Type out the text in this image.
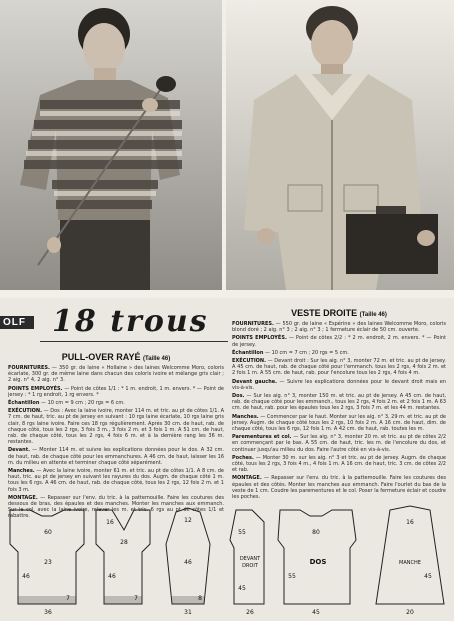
OLF 18 trous
PULL-OVER RAYÉ (Taille 46)

FOURNITURES. — 350 gr. de laine « Hollaine » des laines Welcomme Moro, coloris écarlate, 300 gr. de même laine dans chacun des coloris ivoire et mélange gris clair ; 2 aig. n° 4, 2 aig. n° 3.

POINTS EMPLOYÉS. — Point de côtes 1/1 : * 1 m. endroit, 1 m. envers. * — Point de jersey : * 1 rg endroit, 1 rg envers. *

Échantillon — 10 cm = 9 cm ; 20 rgs = 6 cm.

EXÉCUTION. — Dos : Avec la laine ivoire, monter 114 m. et tric. au pt de côtes 1/1. A 7 cm. de haut, tric. au pt de jersey en suivant : 10 rgs laine écarlate, 10 rgs laine gris clair, 8 rgs laine ivoire. Faire ces 18 rgs régulièrement. Après 30 cm. de haut, rab. de chaque côté, tous les 2 rgs, 3 fois 3 m., 3 fois 2 m. et 3 fois 1 m. A 51 cm. de haut, rab. de chaque côté, tous les 2 rgs, 4 fois 6 m. et à la dernière rang les 36 m. restantes.

Devant. — Monter 114 m. et suivre les explications données pour le dos. A 32 cm. de haut, rab. de chaque côté pour les emmanchures. A 46 cm. de haut, laisser les 16 m. du milieu en attente et terminer chaque côté séparément.

Manches. — Avec la laine ivoire, monter 61 m. et tric. au pt de côtes 1/1. A 8 cm. de haut, tric. au pt de jersey en suivant les rayures du dos. Augm. de chaque côté 1 m. tous les 6 rgs. A 46 cm. de haut, rab. de chaque côté, tous les 2 rgs, 12 fois 2 m. et 1 fois 3 m.

MONTAGE. — Repasser sur l'env. du tric. à la pattemouille. Faire les coutures des dessous de bras, des épaules et des manches. Monter les manches aux emmanch. Sur le col, avec la laine ivoire, relever les m. et tric. 6 rgs au pt de côtes 1/1 et rabattre.

VESTE DROITE (Taille 46)

FOURNITURES. — 550 gr. de laine « Espérine » des laines Welcomme Moro, coloris blond doré ; 2 aig. n° 3 ; 2 aig. n° 3 ; 1 fermeture éclair de 50 cm. ouverte.

POINTS EMPLOYÉS. — Point de côtes 2/2 : * 2 m. endroit, 2 m. envers. * — Point de jersey.

Échantillon — 10 cm = 7 cm ; 20 rgs = 5 cm.

EXÉCUTION. — Devant droit : Sur les aig. n° 3, monter 72 m. et tric. au pt de jersey. A 45 cm. de haut, rab. de chaque côté pour l'emmanch. tous les 2 rgs, 4 fois 2 m. et 2 fois 1 m. A 55 cm. de haut, rab. pour l'encolure tous les 2 rgs, 4 fois 4 m.

Devant gauche. — Suivre les explications données pour le devant droit mais en vis-à-vis.

Dos. — Sur les aig. n° 3, monter 150 m. et tric. au pt de jersey. A 45 cm. de haut, rab. de chaque côté pour les emmanch., tous les 2 rgs, 4 fois 2 m. et 2 fois 1 m. A 63 cm. de haut, rab. pour les épaules tous les 2 rgs, 3 fois 7 m. et les 44 m. restantes.

Manches. — Commencer par le haut. Monter sur les aig. n° 3, 29 m. et tric. au pt de jersey. Augm. de chaque côté tous les 2 rgs, 10 fois 2 m. A 16 cm. de haut, dim. de chaque côté, tous les 6 rgs, 12 fois 1 m. A 42 cm. de haut, rab. toutes les m.

Parementures et col. — Sur les aig. n° 3, monter 20 m. et tric. au pt de côtes 2/2 en commençant par le bas. A 55 cm. de haut, tric. les m. de l'encolure du dos, et continuer jusqu'au milieu du dos. Faire l'autre côté en vis-à-vis.

Poches. — Monter 30 m. sur les aig. n° 3 et tric. au pt de jersey. Augm. de chaque côté, tous les 2 rgs, 3 fois 4 m., 4 fois 1 m. A 16 cm. de haut, tric. 3 cm. de côtes 2/2 et rab.

MONTAGE. — Repasser sur l'env. du tric. à la pattemouille. Faire les coutures des épaules et des côtés. Monter les manches aux emmanch. Faire l'ourlet du bas de la veste de 1 cm. Coudre les parementures et le col. Poser la fermeture éclair et coudre les poches.

60
46
7
23
36
28
16
46
7
12
46
31
8
55
45
26
DEVANT
DROIT
80
55
45
DOS	MANCHE
16
45
20
